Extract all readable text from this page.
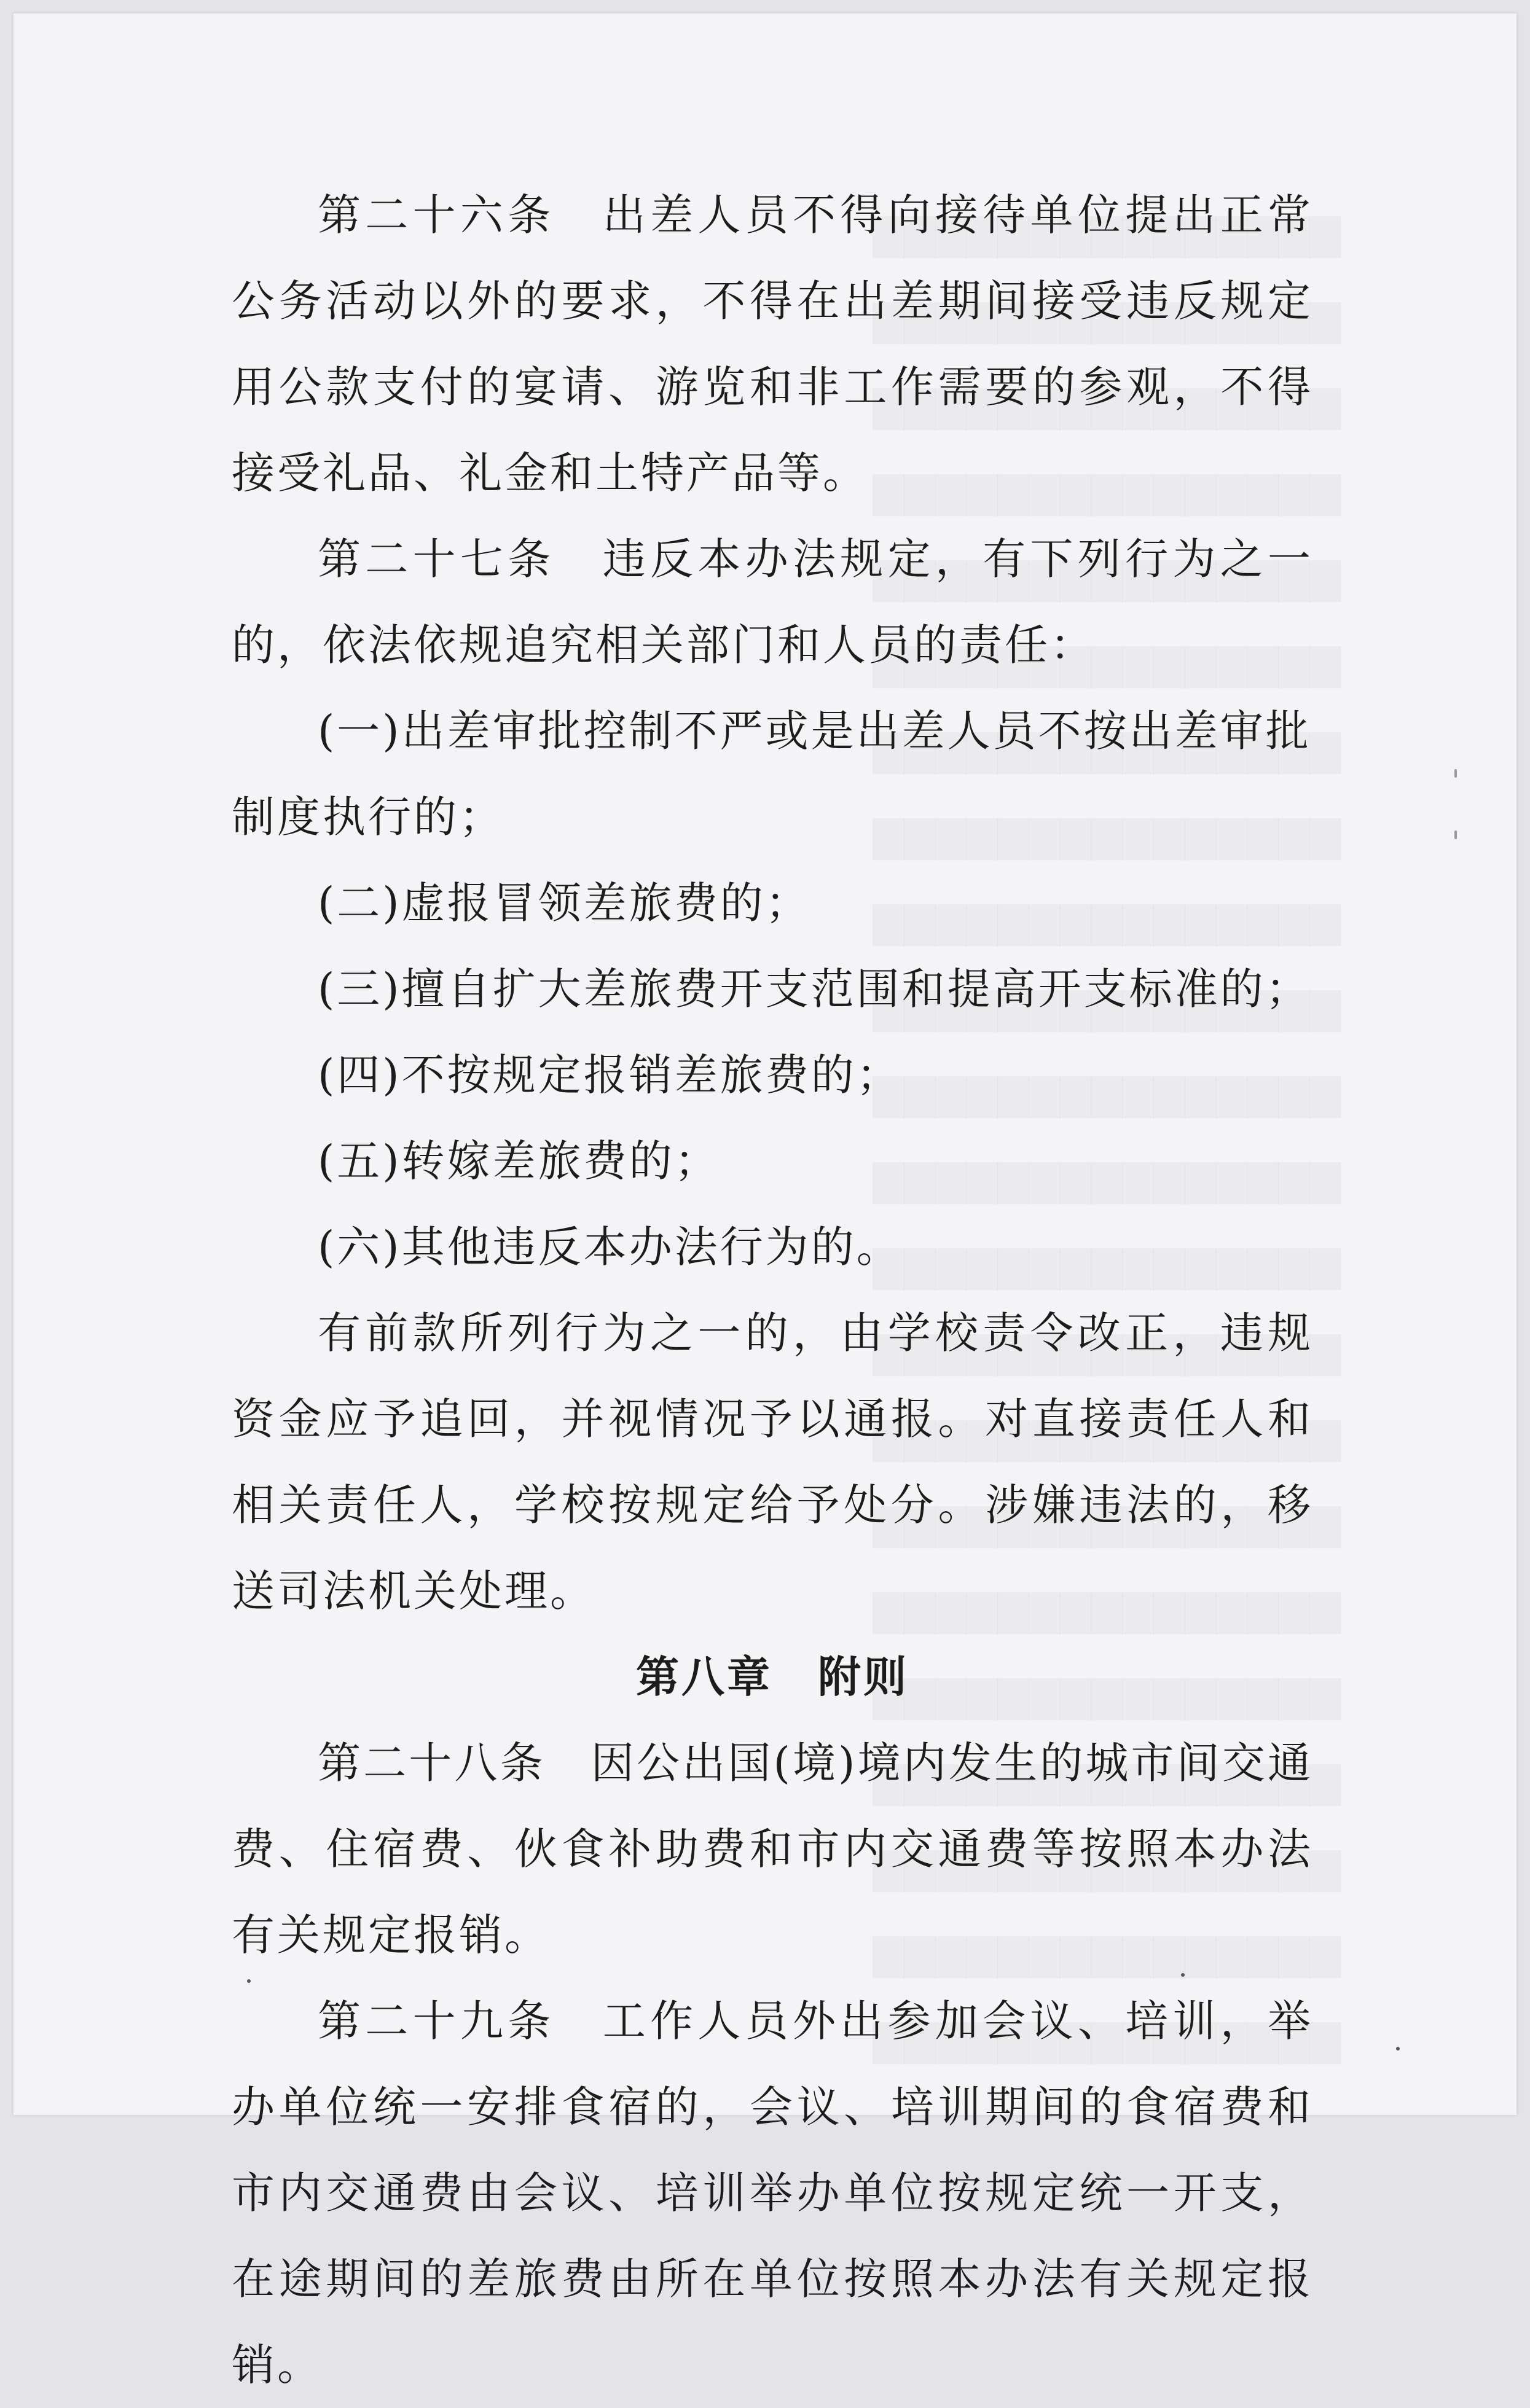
第二十六条　出差人员不得向接待单位提出正常公务活动以外的要求，不得在出差期间接受违反规定用公款支付的宴请、游览和非工作需要的参观，不得接受礼品、礼金和土特产品等。

第二十七条　违反本办法规定，有下列行为之一的，依法依规追究相关部门和人员的责任：

(一)出差审批控制不严或是出差人员不按出差审批制度执行的；

(二)虚报冒领差旅费的；

(三)擅自扩大差旅费开支范围和提高开支标准的；

(四)不按规定报销差旅费的；

(五)转嫁差旅费的；

(六)其他违反本办法行为的。

有前款所列行为之一的，由学校责令改正，违规资金应予追回，并视情况予以通报。对直接责任人和相关责任人，学校按规定给予处分。涉嫌违法的，移送司法机关处理。

第八章　附则

第二十八条　因公出国(境)境内发生的城市间交通费、住宿费、伙食补助费和市内交通费等按照本办法有关规定报销。

第二十九条　工作人员外出参加会议、培训，举办单位统一安排食宿的，会议、培训期间的食宿费和市内交通费由会议、培训举办单位按规定统一开支，在途期间的差旅费由所在单位按照本办法有关规定报销。
